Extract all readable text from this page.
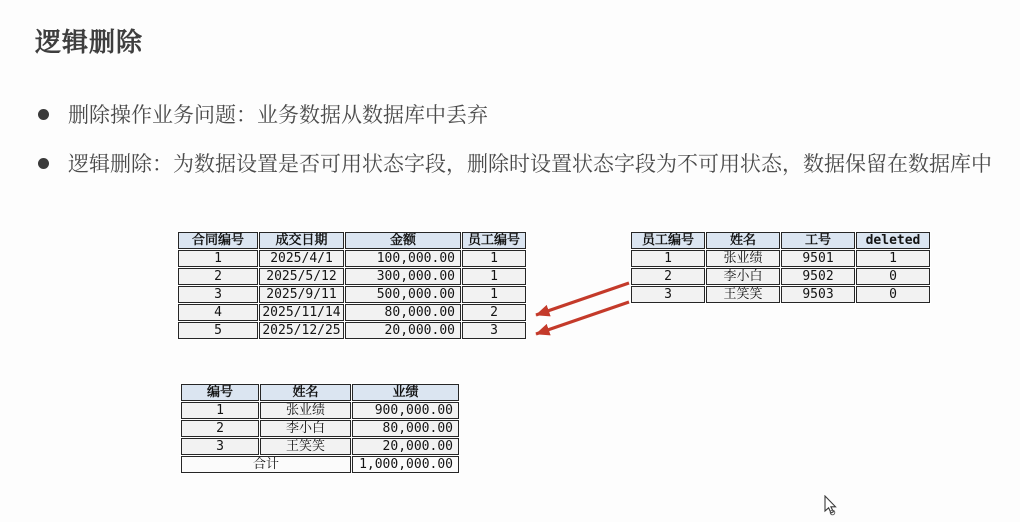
逻辑删除
删除操作业务问题：业务数据从数据库中丢弃
逻辑删除：为数据设置是否可用状态字段，删除时设置状态字段为不可用状态，数据保留在数据库中
合同编号	成交日期	金额	员工编号
1	2025/4/1	100,000.00	1
2	2025/5/12	300,000.00	1
3	2025/9/11	500,000.00	1
4	2025/11/14	80,000.00	2
5	2025/12/25	20,000.00	3
员工编号	姓名	工号	deleted
1	张业绩	9501	1
2	李小白	9502	0
3	王笑笑	9503	0
编号	姓名	业绩
1	张业绩	900,000.00
2	李小白	80,000.00
3	王笑笑	20,000.00
合计		1,000,000.00
